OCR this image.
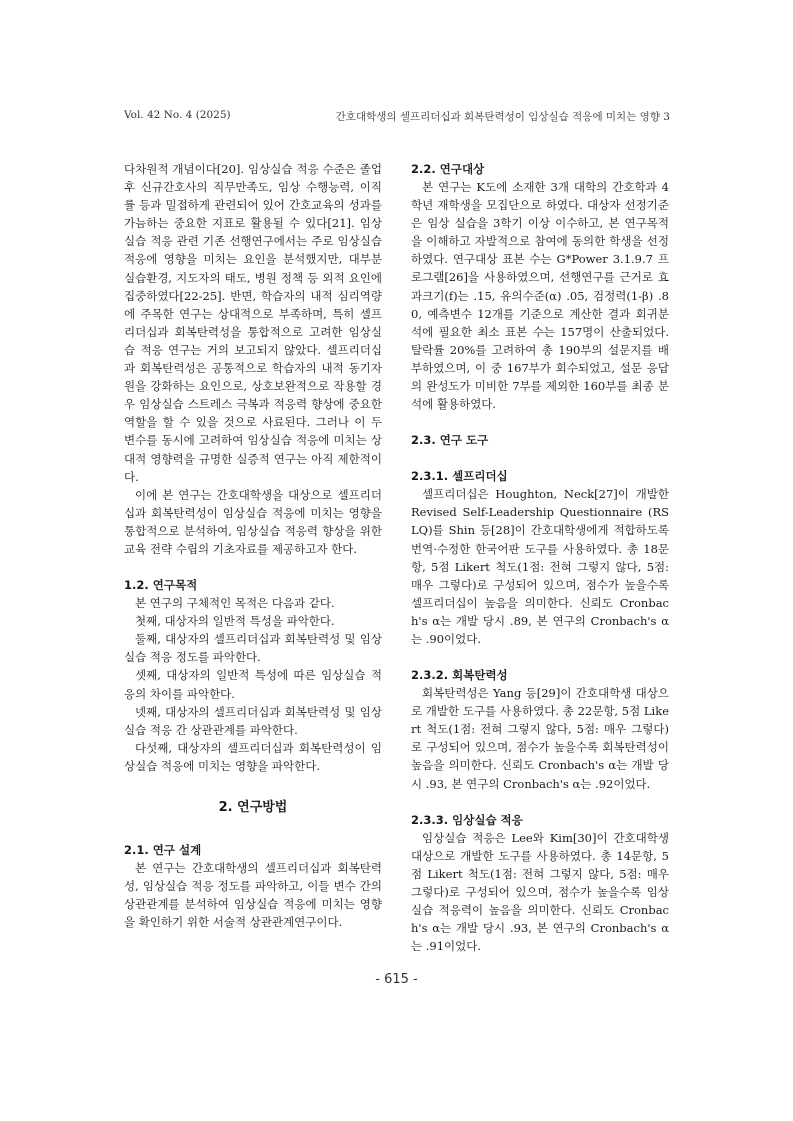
Vol. 42 No. 4 (2025)	간호대학생의 셀프리더십과 회복탄력성이 임상실습 적응에 미치는 영향 3

다차원적 개념이다[20]. 임상실습 적응 수준은 졸업 후 신규간호사의 직무만족도, 임상 수행능력, 이직률 등과 밀접하게 관련되어 있어 간호교육의 성과를 가늠하는 중요한 지표로 활용될 수 있다[21]. 임상실습 적응 관련 기존 선행연구에서는 주로 임상실습 적응에 영향을 미치는 요인을 분석했지만, 대부분 실습환경, 지도자의 태도, 병원 정책 등 외적 요인에 집중하였다[22-25]. 반면, 학습자의 내적 심리역량에 주목한 연구는 상대적으로 부족하며, 특히 셀프리더십과 회복탄력성을 통합적으로 고려한 임상실습 적응 연구는 거의 보고되지 않았다. 셀프리더십과 회복탄력성은 공통적으로 학습자의 내적 동기자원을 강화하는 요인으로, 상호보완적으로 작용할 경우 임상실습 스트레스 극복과 적응력 향상에 중요한 역할을 할 수 있을 것으로 사료된다. 그러나 이 두 변수를 동시에 고려하여 임상실습 적응에 미치는 상대적 영향력을 규명한 실증적 연구는 아직 제한적이다.

이에 본 연구는 간호대학생을 대상으로 셀프리더십과 회복탄력성이 임상실습 적응에 미치는 영향을 통합적으로 분석하여, 임상실습 적응력 향상을 위한 교육 전략 수립의 기초자료를 제공하고자 한다.

1.2. 연구목적

본 연구의 구체적인 목적은 다음과 같다.

첫째, 대상자의 일반적 특성을 파악한다.

둘째, 대상자의 셀프리더십과 회복탄력성 및 임상실습 적응 정도를 파악한다.

셋째, 대상자의 일반적 특성에 따른 임상실습 적응의 차이를 파악한다.

넷째, 대상자의 셀프리더십과 회복탄력성 및 임상실습 적응 간 상관관계를 파악한다.

다섯째, 대상자의 셀프리더십과 회복탄력성이 임상실습 적응에 미치는 영향을 파악한다.

2. 연구방법

2.1. 연구 설계

본 연구는 간호대학생의 셀프리더십과 회복탄력성, 임상실습 적응 정도를 파악하고, 이들 변수 간의 상관관계를 분석하여 임상실습 적응에 미치는 영향을 확인하기 위한 서술적 상관관계연구이다.

2.2. 연구대상

본 연구는 K도에 소재한 3개 대학의 간호학과 4학년 재학생을 모집단으로 하였다. 대상자 선정기준은 임상 실습을 3학기 이상 이수하고, 본 연구목적을 이해하고 자발적으로 참여에 동의한 학생을 선정하였다. 연구대상 표본 수는 G*Power 3.1.9.7 프로그램[26]을 사용하였으며, 선행연구를 근거로 효과크기(f)는 .15, 유의수준(α) .05, 검정력(1-β) .80, 예측변수 12개를 기준으로 계산한 결과 회귀분석에 필요한 최소 표본 수는 157명이 산출되었다. 탈락률 20%를 고려하여 총 190부의 설문지를 배부하였으며, 이 중 167부가 회수되었고, 설문 응답의 완성도가 미비한 7부를 제외한 160부를 최종 분석에 활용하였다.

2.3. 연구 도구

2.3.1. 셀프리더십

셀프리더십은 Houghton, Neck[27]이 개발한 Revised Self-Leadership Questionnaire (RSLQ)를 Shin 등[28]이 간호대학생에게 적합하도록 번역·수정한 한국어판 도구를 사용하였다. 총 18문항, 5점 Likert 척도(1점: 전혀 그렇지 않다, 5점: 매우 그렇다)로 구성되어 있으며, 점수가 높을수록 셀프리더십이 높음을 의미한다. 신뢰도 Cronbach's α는 개발 당시 .89, 본 연구의 Cronbach's α는 .90이었다.

2.3.2. 회복탄력성

회복탄력성은 Yang 등[29]이 간호대학생 대상으로 개발한 도구를 사용하였다. 총 22문항, 5점 Likert 척도(1점: 전혀 그렇지 않다, 5점: 매우 그렇다)로 구성되어 있으며, 점수가 높을수록 회복탄력성이 높음을 의미한다. 신뢰도 Cronbach's α는 개발 당시 .93, 본 연구의 Cronbach's α는 .92이었다.

2.3.3. 임상실습 적응

임상실습 적응은 Lee와 Kim[30]이 간호대학생 대상으로 개발한 도구를 사용하였다. 총 14문항, 5점 Likert 척도(1점: 전혀 그렇지 않다, 5점: 매우 그렇다)로 구성되어 있으며, 점수가 높을수록 임상실습 적응력이 높음을 의미한다. 신뢰도 Cronbach's α는 개발 당시 .93, 본 연구의 Cronbach's α는 .91이었다.

- 615 -
